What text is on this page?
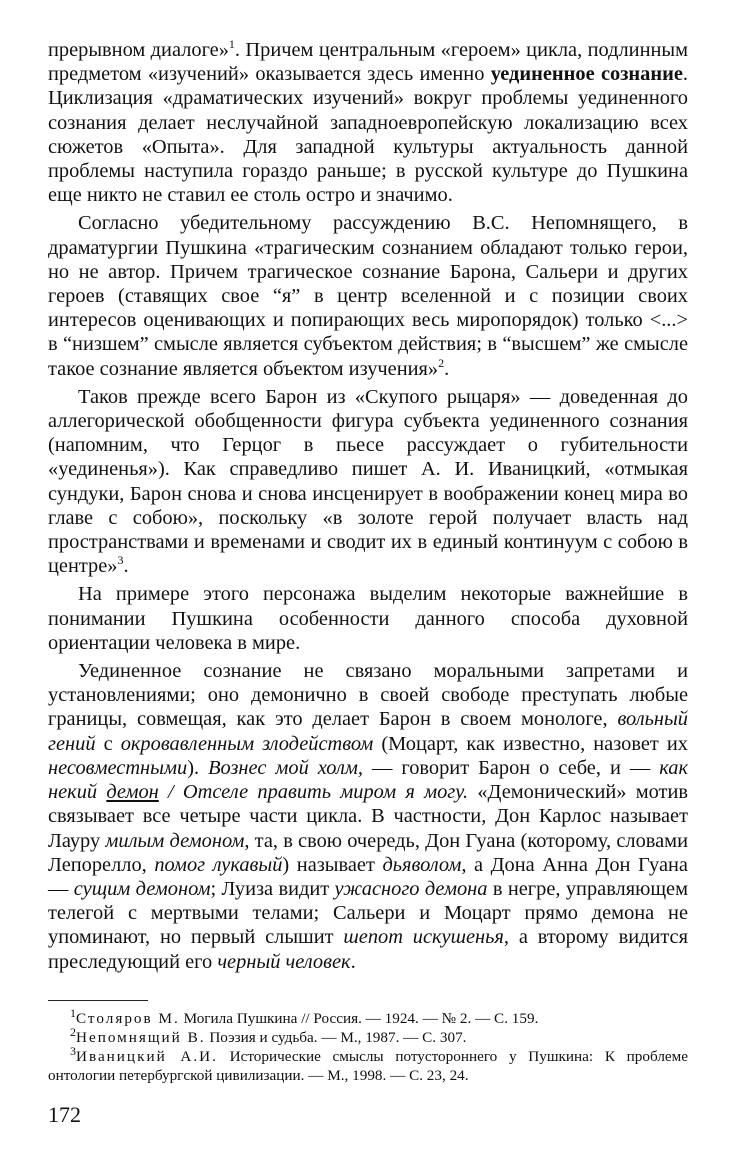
прерывном диалоге»$^1$. Причем центральным «героем» цикла, подлинным предметом «изучений» оказывается здесь именно уединенное сознание. Циклизация «драматических изучений» вокруг проблемы уединенного сознания делает неслучайной западноевропейскую локализацию всех сюжетов «Опыта». Для западной культуры актуальность данной проблемы наступила гораздо раньше; в русской культуре до Пушкина еще никто не ставил ее столь остро и значимо.

Согласно убедительному рассуждению В.С. Непомнящего, в драматургии Пушкина «трагическим сознанием обладают только герои, но не автор. Причем трагическое сознание Барона, Сальери и других героев (ставящих свое “я” в центр вселенной и с позиции своих интересов оценивающих и попирающих весь миропорядок) только <...> в “низшем” смысле является субъектом действия; в “высшем” же смысле такое сознание является объектом изучения»$^2$.

Таков прежде всего Барон из «Скупого рыцаря» — доведенная до аллегорической обобщенности фигура субъекта уединенного сознания (напомним, что Герцог в пьесе рассуждает о губительности «уединенья»). Как справедливо пишет А. И. Иваницкий, «отмыкая сундуки, Барон снова и снова инсценирует в воображении конец мира во главе с собою», поскольку «в золоте герой получает власть над пространствами и временами и сводит их в единый континуум с собою в центре»$^3$.

На примере этого персонажа выделим некоторые важнейшие в понимании Пушкина особенности данного способа духовной ориентации человека в мире.

Уединенное сознание не связано моральными запретами и установлениями; оно демонично в своей свободе преступать любые границы, совмещая, как это делает Барон в своем монологе, вольный гений с окровавленным злодейством (Моцарт, как известно, назовет их несовместными). Вознес мой холм, — говорит Барон о себе, и — как некий демон / Отселе править миром я могу. «Демонический» мотив связывает все четыре части цикла. В частности, Дон Карлос называет Лауру милым демоном, та, в свою очередь, Дон Гуана (которому, словами Лепорелло, помог лукавый) называет дьяволом, а Дона Анна Дон Гуана — сущим демоном; Луиза видит ужасного демона в негре, управляющем телегой с мертвыми телами; Сальери и Моцарт прямо демона не упоминают, но первый слышит шепот искушенья, а второму видится преследующий его черный человек.

$^1$Столяров М. Могила Пушкина // Россия. — 1924. — № 2. — С. 159.

$^2$Непомнящий В. Поэзия и судьба. — М., 1987. — С. 307.

$^3$Иваницкий А.И. Исторические смыслы потустороннего у Пушкина: К проблеме онтологии петербургской цивилизации. — М., 1998. — С. 23, 24.

172
